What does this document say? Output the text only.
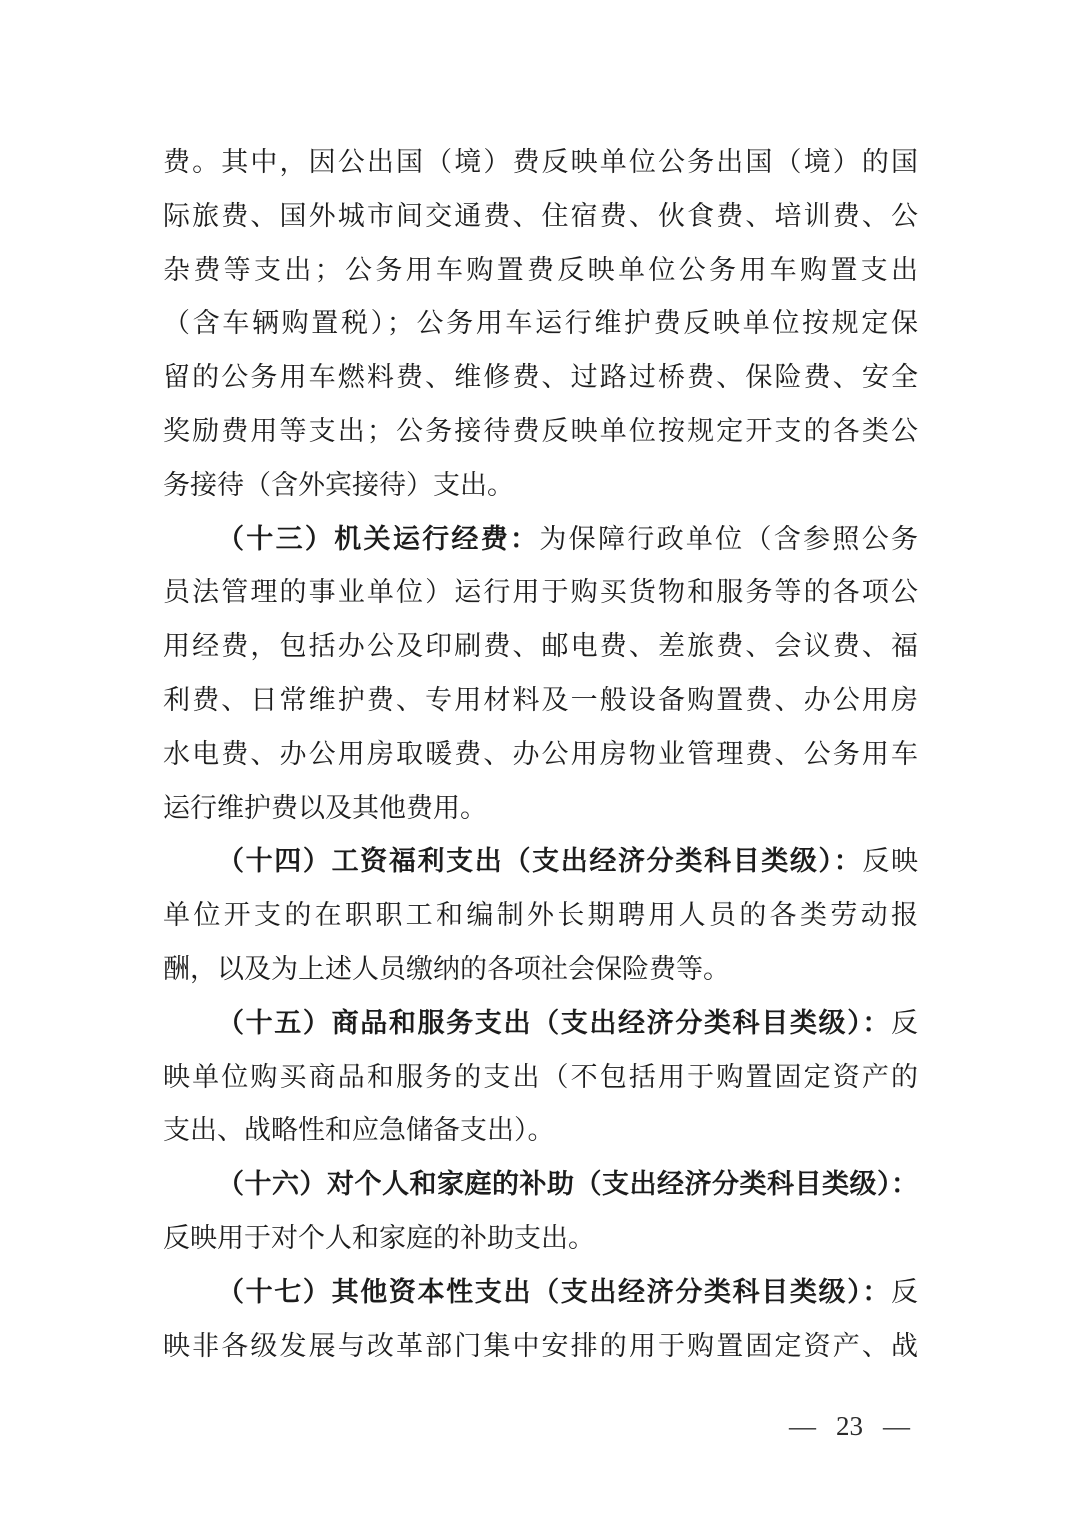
费。其中，因公出国（境）费反映单位公务出国（境）的国
际旅费、国外城市间交通费、住宿费、伙食费、培训费、公
杂费等支出；公务用车购置费反映单位公务用车购置支出
（含车辆购置税）；公务用车运行维护费反映单位按规定保
留的公务用车燃料费、维修费、过路过桥费、保险费、安全
奖励费用等支出；公务接待费反映单位按规定开支的各类公
务接待（含外宾接待）支出。
（十三）机关运行经费：为保障行政单位（含参照公务
员法管理的事业单位）运行用于购买货物和服务等的各项公
用经费，包括办公及印刷费、邮电费、差旅费、会议费、福
利费、日常维护费、专用材料及一般设备购置费、办公用房
水电费、办公用房取暖费、办公用房物业管理费、公务用车
运行维护费以及其他费用。
（十四）工资福利支出（支出经济分类科目类级）：反映
单位开支的在职职工和编制外长期聘用人员的各类劳动报
酬，以及为上述人员缴纳的各项社会保险费等。
（十五）商品和服务支出（支出经济分类科目类级）：反
映单位购买商品和服务的支出（不包括用于购置固定资产的
支出、战略性和应急储备支出）。
（十六）对个人和家庭的补助（支出经济分类科目类级）：
反映用于对个人和家庭的补助支出。
（十七）其他资本性支出（支出经济分类科目类级）：反
映非各级发展与改革部门集中安排的用于购置固定资产、战
— 23 —
